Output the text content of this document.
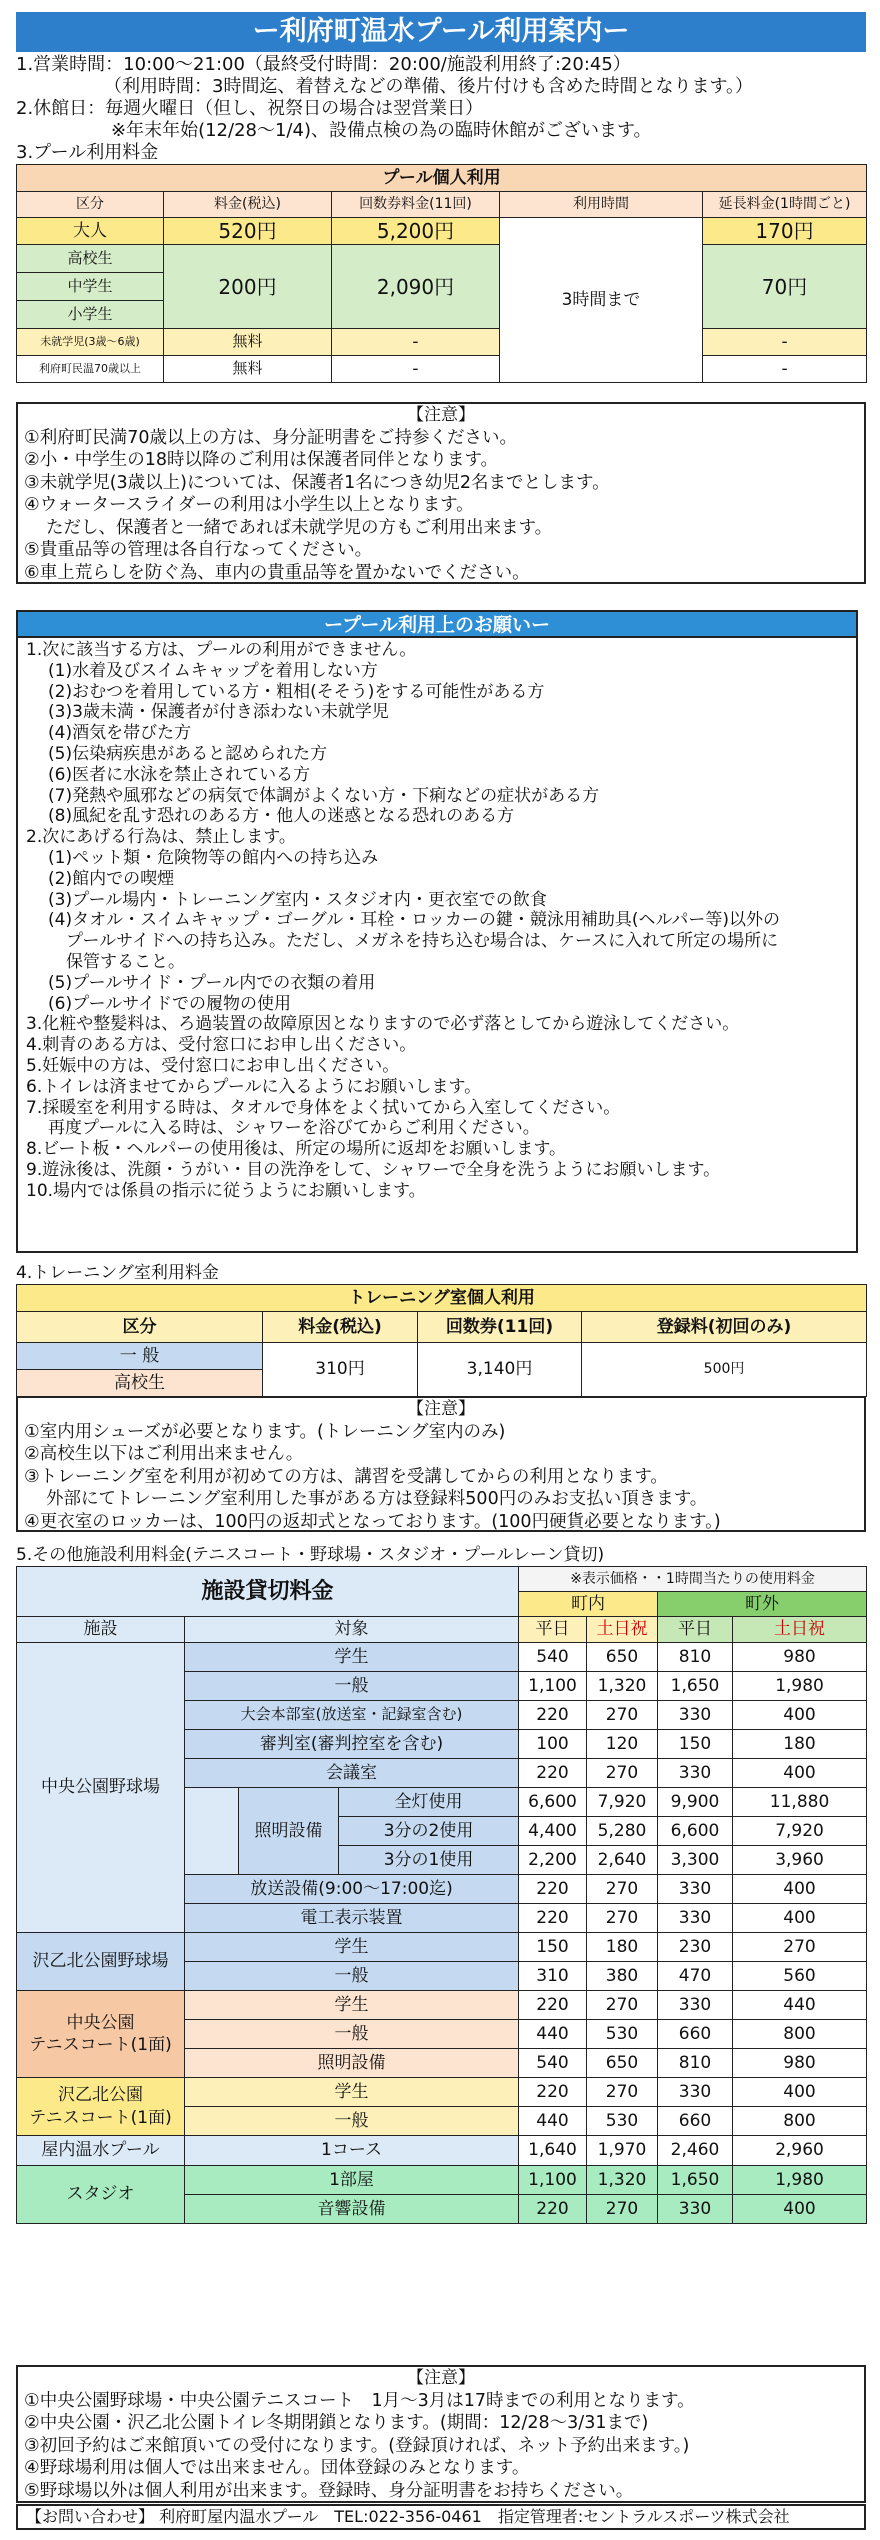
ー利府町温水プール利用案内ー
1.営業時間：10:00～21:00（最終受付時間：20:00/施設利用終了:20:45）
（利用時間：3時間迄、着替えなどの準備、後片付けも含めた時間となります。）
2.休館日：毎週火曜日（但し、祝祭日の場合は翌営業日）
※年末年始(12/28～1/4)、設備点検の為の臨時休館がございます。
3.プール利用料金
プール個人利用				
区分	料金(税込)	回数券料金(11回)	利用時間	延長料金(1時間ごと)
大人	520円	5,200円	3時間まで	170円
高校生	200円	2,090円		70円
中学生				
小学生				
未就学児(3歳～6歳)	無料	-		-
利府町民温70歳以上	無料	-		-
【注意】
①利府町民満70歳以上の方は、身分証明書をご持参ください。
②小・中学生の18時以降のご利用は保護者同伴となります。
③未就学児(3歳以上)については、保護者1名につき幼児2名までとします。
④ウォータースライダーの利用は小学生以上となります。
ただし、保護者と一緒であれば未就学児の方もご利用出来ます。
⑤貴重品等の管理は各自行なってください。
⑥車上荒らしを防ぐ為、車内の貴重品等を置かないでください。
ープール利用上のお願いー
1.次に該当する方は、プールの利用ができません。
(1)水着及びスイムキャップを着用しない方
(2)おむつを着用している方・粗相(そそう)をする可能性がある方
(3)3歳未満・保護者が付き添わない未就学児
(4)酒気を帯びた方
(5)伝染病疾患があると認められた方
(6)医者に水泳を禁止されている方
(7)発熱や風邪などの病気で体調がよくない方・下痢などの症状がある方
(8)風紀を乱す恐れのある方・他人の迷惑となる恐れのある方
2.次にあげる行為は、禁止します。
(1)ペット類・危険物等の館内への持ち込み
(2)館内での喫煙
(3)プール場内・トレーニング室内・スタジオ内・更衣室での飲食
(4)タオル・スイムキャップ・ゴーグル・耳栓・ロッカーの鍵・競泳用補助具(ヘルパー等)以外の
プールサイドへの持ち込み。ただし、メガネを持ち込む場合は、ケースに入れて所定の場所に
保管すること。
(5)プールサイド・プール内での衣類の着用
(6)プールサイドでの履物の使用
3.化粧や整髪料は、ろ過装置の故障原因となりますので必ず落としてから遊泳してください。
4.刺青のある方は、受付窓口にお申し出ください。
5.妊娠中の方は、受付窓口にお申し出ください。
6.トイレは済ませてからプールに入るようにお願いします。
7.採暖室を利用する時は、タオルで身体をよく拭いてから入室してください。
再度プールに入る時は、シャワーを浴びてからご利用ください。
8.ビート板・ヘルパーの使用後は、所定の場所に返却をお願いします。
9.遊泳後は、洗顔・うがい・目の洗浄をして、シャワーで全身を洗うようにお願いします。
10.場内では係員の指示に従うようにお願いします。
4.トレーニング室利用料金
トレーニング室個人利用			
区分	料金(税込)	回数券(11回)	登録料(初回のみ)
一 般	310円	3,140円	500円
高校生			
【注意】
①室内用シューズが必要となります。(トレーニング室内のみ)
②高校生以下はご利用出来ません。
③トレーニング室を利用が初めての方は、講習を受講してからの利用となります。
外部にてトレーニング室利用した事がある方は登録料500円のみお支払い頂きます。
④更衣室のロッカーは、100円の返却式となっております。(100円硬貨必要となります。)
5.その他施設利用料金(テニスコート・野球場・スタジオ・プールレーン貸切)
施設貸切料金				※表示価格・・1時間当たりの使用料金			
				町内		町外	
施設	対象			平日	土日祝	平日	土日祝
中央公園野球場	学生			540	650	810	980
	一般			1,100	1,320	1,650	1,980
	大会本部室(放送室・記録室含む)			220	270	330	400
	審判室(審判控室を含む)			100	120	150	180
	会議室			220	270	330	400
		照明設備	全灯使用	6,600	7,920	9,900	11,880
			3分の2使用	4,400	5,280	6,600	7,920
			3分の1使用	2,200	2,640	3,300	3,960
	放送設備(9:00～17:00迄)			220	270	330	400
	電工表示装置			220	270	330	400
沢乙北公園野球場	学生			150	180	230	270
	一般			310	380	470	560

中央公園
テニスコート(1面)	学生			220	270	330	440
	一般			440	530	660	800
	照明設備			540	650	810	980

沢乙北公園
テニスコート(1面)	学生			220	270	330	400
	一般			440	530	660	800
屋内温水プール	1コース			1,640	1,970	2,460	2,960
スタジオ	1部屋			1,100	1,320	1,650	1,980
	音響設備			220	270	330	400
【注意】
①中央公園野球場・中央公園テニスコート　1月～3月は17時までの利用となります。
②中央公園・沢乙北公園トイレ冬期閉鎖となります。(期間：12/28～3/31まで)
③初回予約はご来館頂いての受付になります。(登録頂ければ、ネット予約出来ます。)
④野球場利用は個人では出来ません。団体登録のみとなります。
⑤野球場以外は個人利用が出来ます。登録時、身分証明書をお持ちください。
【お問い合わせ】 利府町屋内温水プール　TEL:022-356-0461　指定管理者:セントラルスポーツ株式会社
